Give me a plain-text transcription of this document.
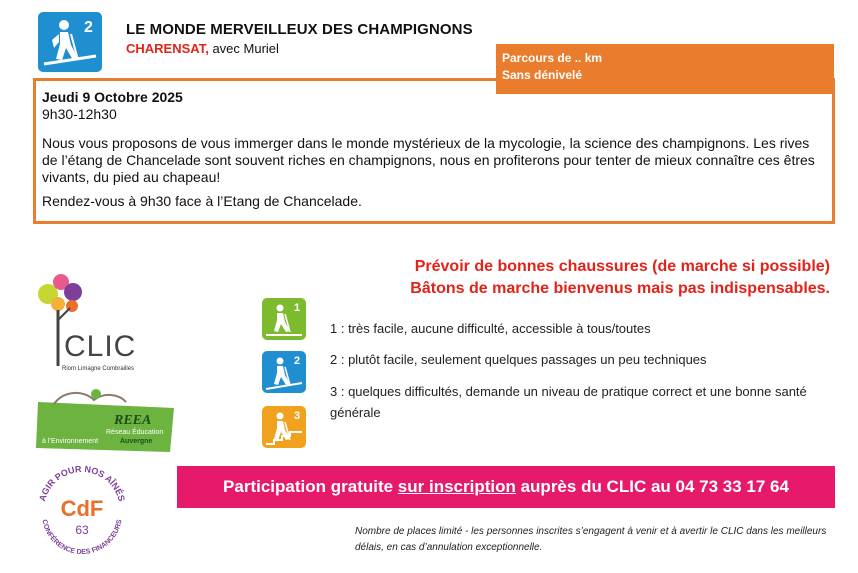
2 LE MONDE MERVEILLEUX DES CHAMPIGNONS
CHARENSAT, avec Muriel
Jeudi 9 Octobre 2025
9h30-12h30
Nous vous proposons de vous immerger dans le monde mystérieux de la mycologie, la science des champignons. Les rives de l’étang de Chancelade sont souvent riches en champignons, nous en profiterons pour tenter de mieux connaître ces êtres vivants, du pied au chapeau!
Rendez-vous à 9h30 face à l’Etang de Chancelade.
Parcours de .. km
Sans dénivelé
Prévoir de bonnes chaussures (de marche si possible)
Bâtons de marche bienvenus mais pas indispensables.
1
2
3
1 : très facile, aucune difficulté, accessible à tous/toutes
2 : plutôt facile, seulement quelques passages un peu techniques
3 : quelques difficultés, demande un niveau de pratique correct et une bonne santé générale
CLIC
Riom Limagne Combrailles
REEA
Réseau Éducation
à l’Environnement	Auvergne
AGIR POUR NOS AÎNÉS
CONFÉRENCE DES FINANCEURS
CdF
63
Participation gratuite sur inscription auprès du CLIC au 04 73 33 17 64
Nombre de places limité - les personnes inscrites s’engagent à venir et à avertir le CLIC dans les meilleurs délais, en cas d’annulation exceptionnelle.
